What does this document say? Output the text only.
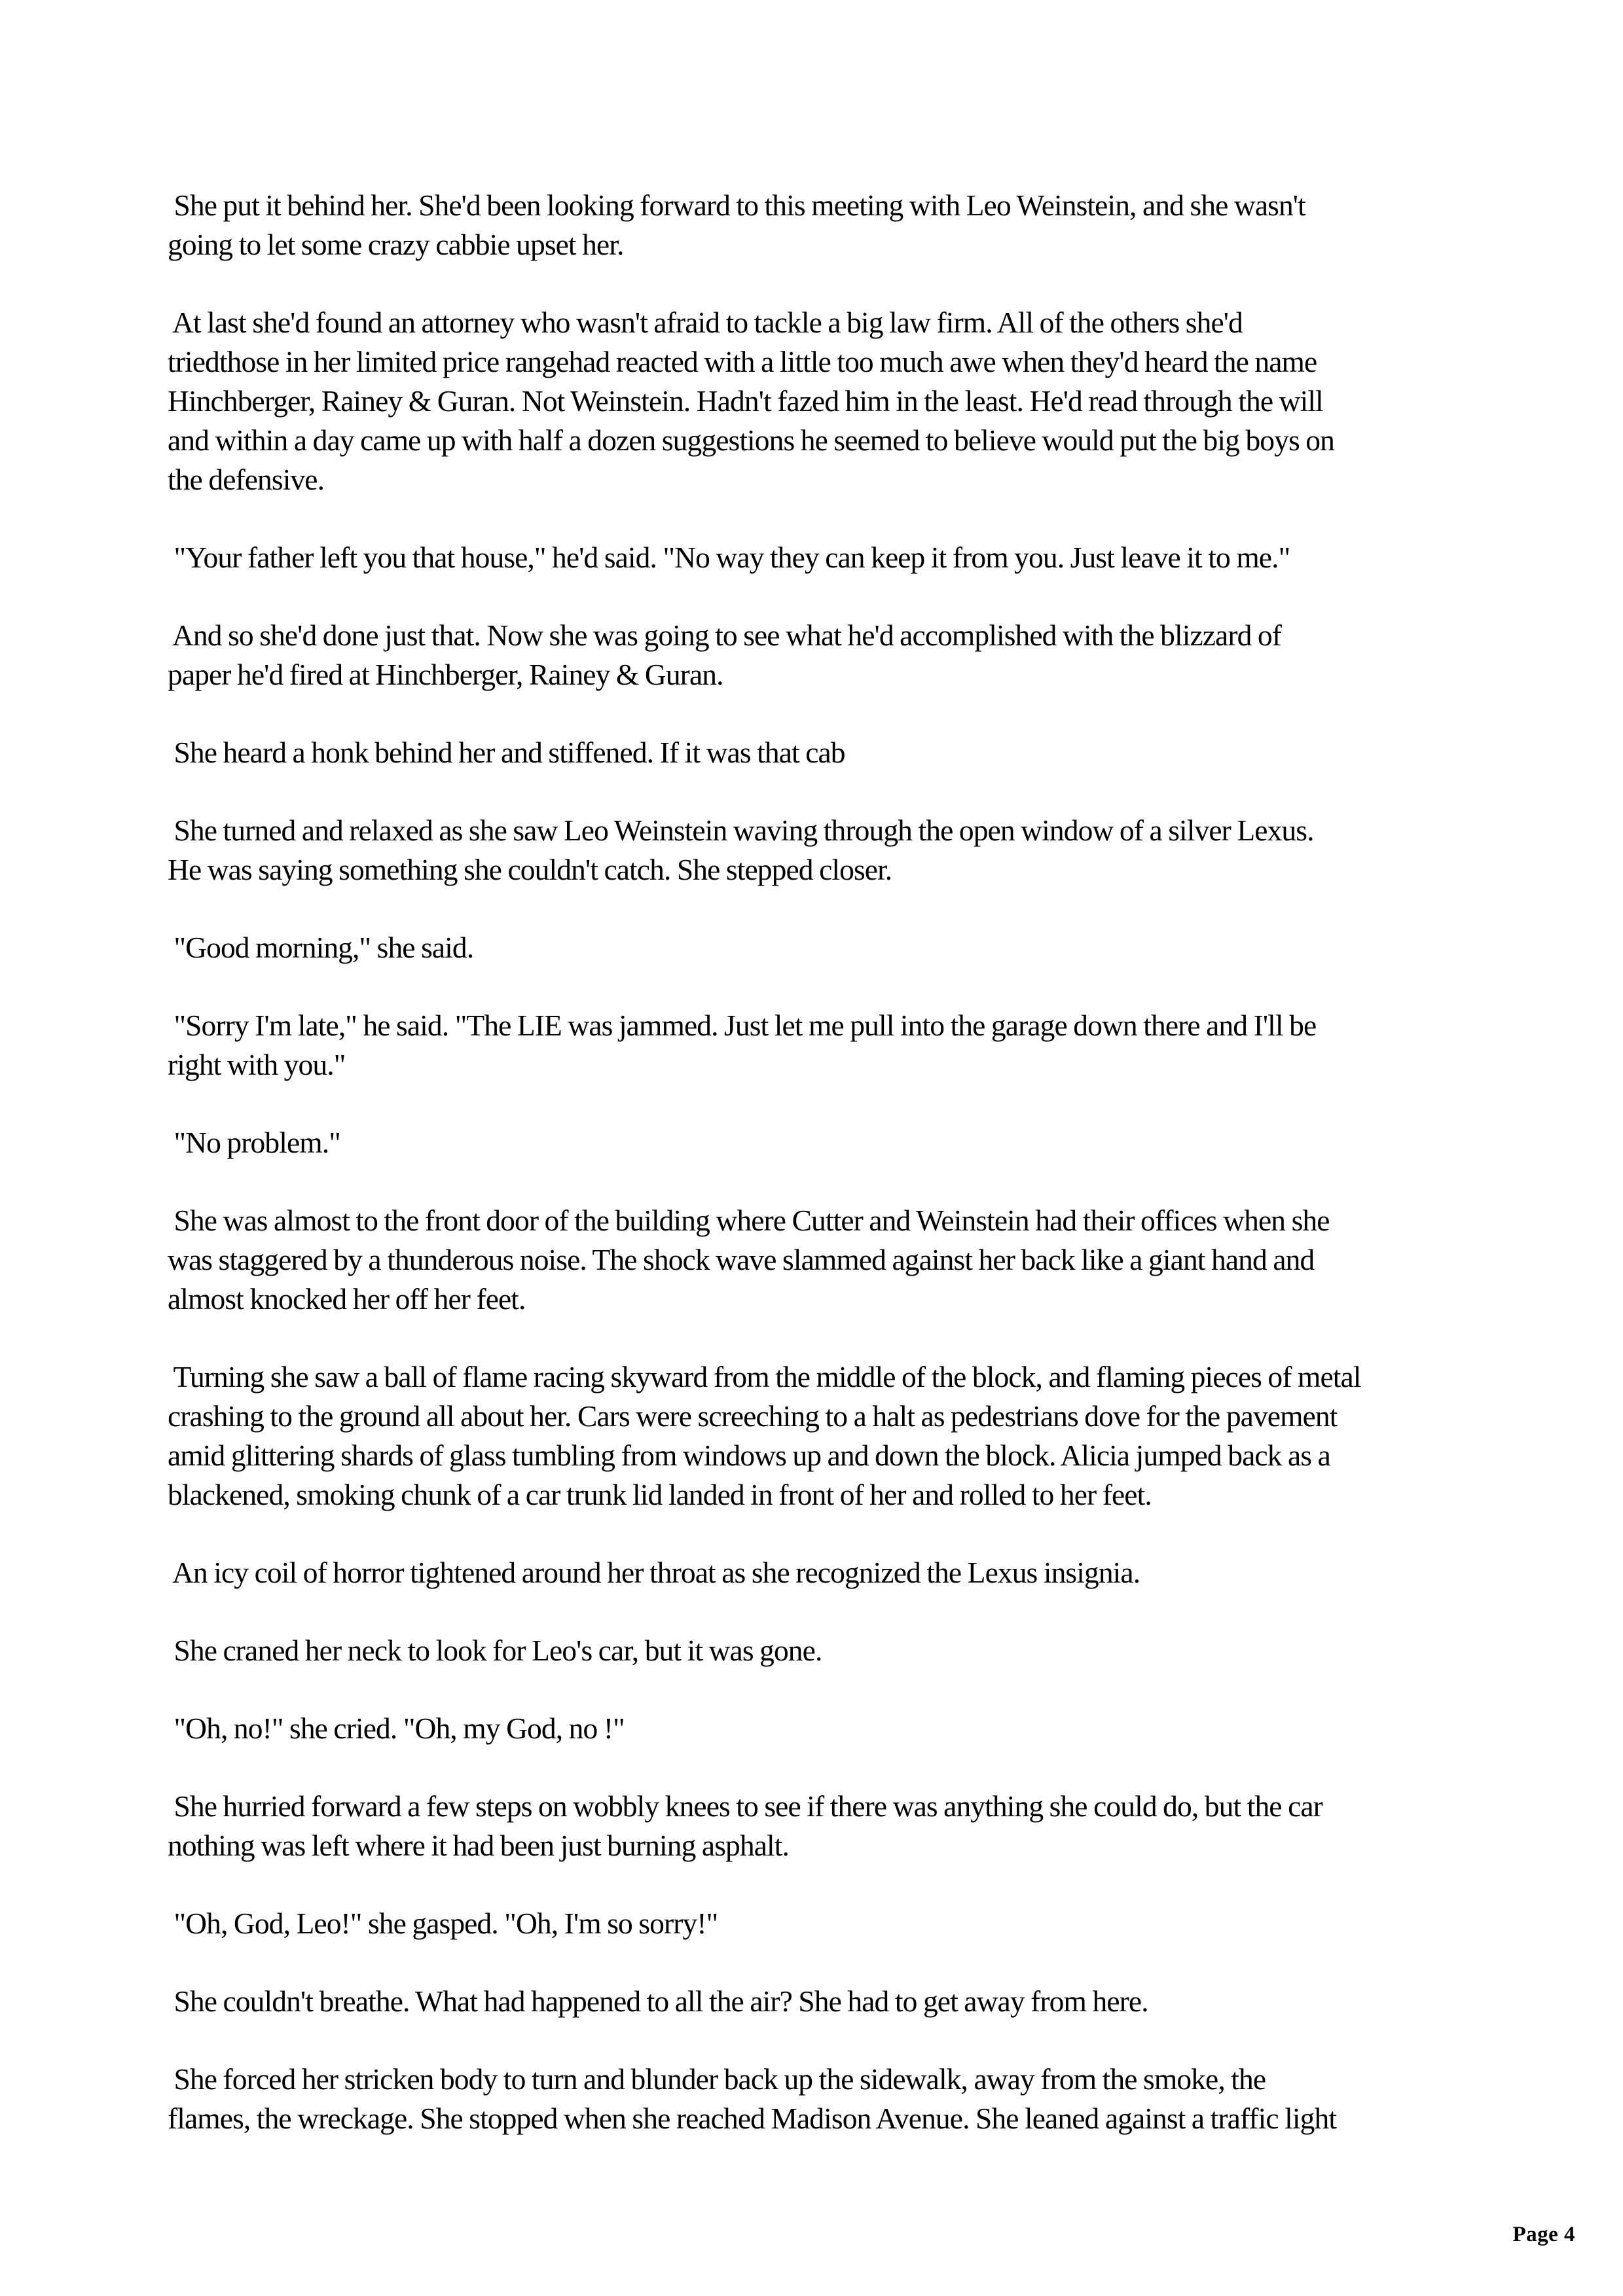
She put it behind her. She'd been looking forward to this meeting with Leo Weinstein, and she wasn't
going to let some crazy cabbie upset her.

At last she'd found an attorney who wasn't afraid to tackle a big law firm. All of the others she'd
triedthose in her limited price rangehad reacted with a little too much awe when they'd heard the name
Hinchberger, Rainey & Guran. Not Weinstein. Hadn't fazed him in the least. He'd read through the will
and within a day came up with half a dozen suggestions he seemed to believe would put the big boys on
the defensive.

"Your father left you that house," he'd said. "No way they can keep it from you. Just leave it to me."

And so she'd done just that. Now she was going to see what he'd accomplished with the blizzard of
paper he'd fired at Hinchberger, Rainey & Guran.

She heard a honk behind her and stiffened. If it was that cab

She turned and relaxed as she saw Leo Weinstein waving through the open window of a silver Lexus.
He was saying something she couldn't catch. She stepped closer.

"Good morning," she said.

"Sorry I'm late," he said. "The LIE was jammed. Just let me pull into the garage down there and I'll be
right with you."

"No problem."

She was almost to the front door of the building where Cutter and Weinstein had their offices when she
was staggered by a thunderous noise. The shock wave slammed against her back like a giant hand and
almost knocked her off her feet.

Turning she saw a ball of flame racing skyward from the middle of the block, and flaming pieces of metal
crashing to the ground all about her. Cars were screeching to a halt as pedestrians dove for the pavement
amid glittering shards of glass tumbling from windows up and down the block. Alicia jumped back as a
blackened, smoking chunk of a car trunk lid landed in front of her and rolled to her feet.

An icy coil of horror tightened around her throat as she recognized the Lexus insignia.

She craned her neck to look for Leo's car, but it was gone.

"Oh, no!" she cried. "Oh, my God, no !"

She hurried forward a few steps on wobbly knees to see if there was anything she could do, but the car
nothing was left where it had been just burning asphalt.

"Oh, God, Leo!" she gasped. "Oh, I'm so sorry!"

She couldn't breathe. What had happened to all the air? She had to get away from here.

She forced her stricken body to turn and blunder back up the sidewalk, away from the smoke, the
flames, the wreckage. She stopped when she reached Madison Avenue. She leaned against a traffic light

Page 4
